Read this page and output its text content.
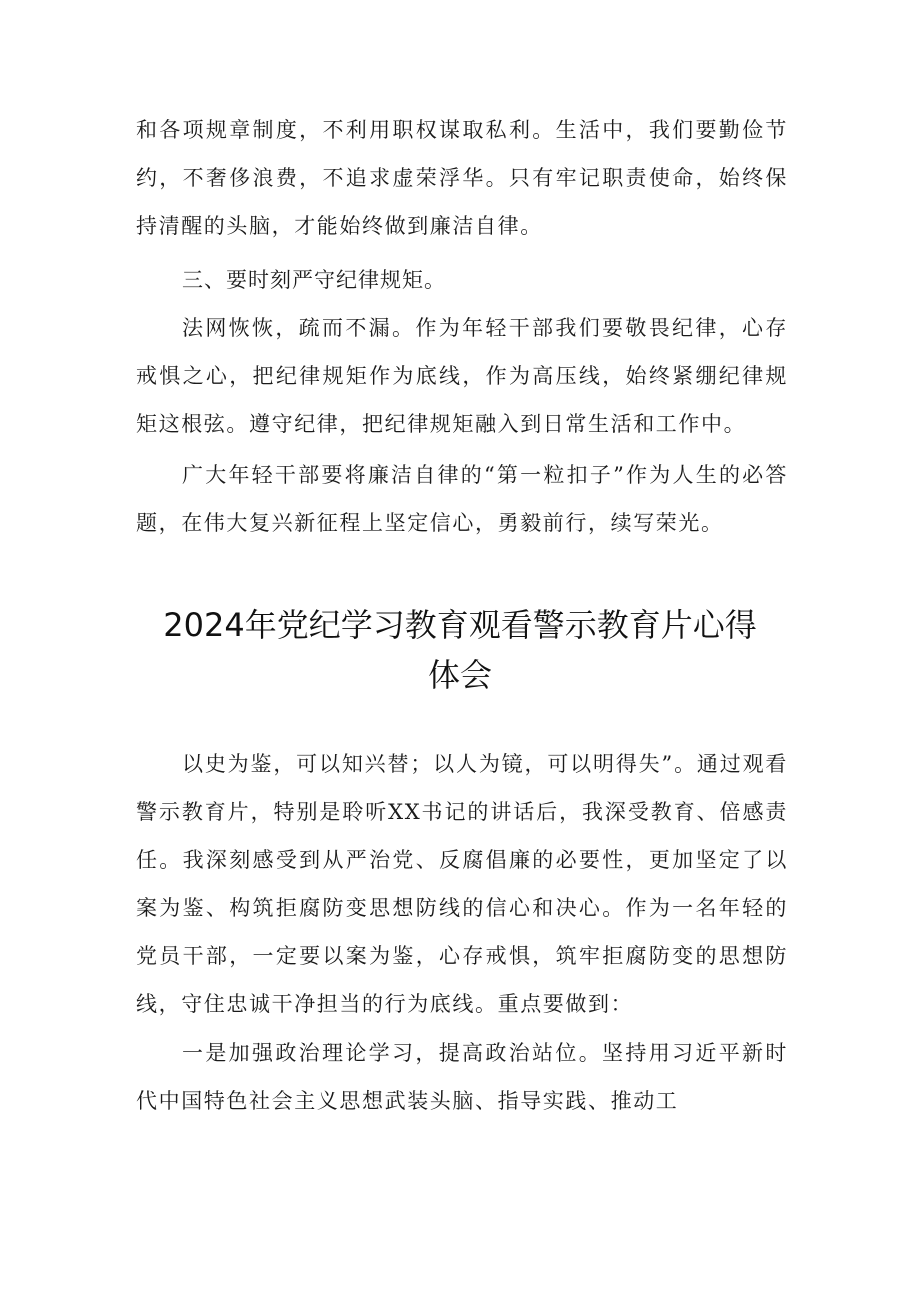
和各项规章制度，不利用职权谋取私利。生活中，我们要勤俭节约，不奢侈浪费，不追求虚荣浮华。只有牢记职责使命，始终保持清醒的头脑，才能始终做到廉洁自律。

三、要时刻严守纪律规矩。

法网恢恢，疏而不漏。作为年轻干部我们要敬畏纪律，心存戒惧之心，把纪律规矩作为底线，作为高压线，始终紧绷纪律规矩这根弦。遵守纪律，把纪律规矩融入到日常生活和工作中。

广大年轻干部要将廉洁自律的“第一粒扣子”作为人生的必答题，在伟大复兴新征程上坚定信心，勇毅前行，续写荣光。

2024年党纪学习教育观看警示教育片心得
体会

以史为鉴，可以知兴替；以人为镜，可以明得失”。通过观看警示教育片，特别是聆听XX书记的讲话后，我深受教育、倍感责任。我深刻感受到从严治党、反腐倡廉的必要性，更加坚定了以案为鉴、构筑拒腐防变思想防线的信心和决心。作为一名年轻的党员干部，一定要以案为鉴，心存戒惧，筑牢拒腐防变的思想防线，守住忠诚干净担当的行为底线。重点要做到：

一是加强政治理论学习，提高政治站位。坚持用习近平新时代中国特色社会主义思想武装头脑、指导实践、推动工
